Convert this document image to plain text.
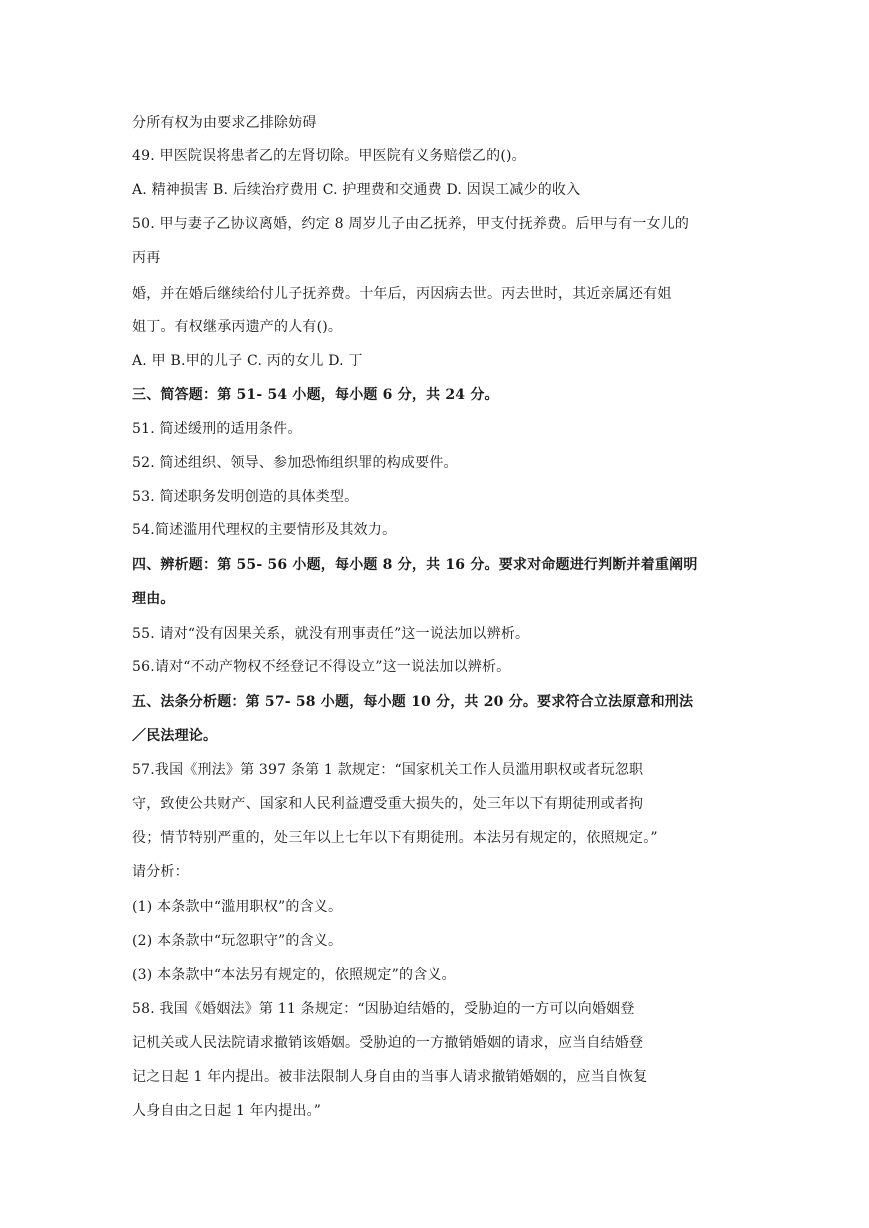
分所有权为由要求乙排除妨碍
49. 甲医院误将患者乙的左肾切除。甲医院有义务赔偿乙的()。
A. 精神损害 B. 后续治疗费用 C. 护理费和交通费 D. 因误工减少的收入
50. 甲与妻子乙协议离婚，约定 8 周岁儿子由乙抚养，甲支付抚养费。后甲与有一女儿的
丙再
婚，并在婚后继续给付儿子抚养费。十年后，丙因病去世。丙去世时，其近亲属还有姐
姐丁。有权继承丙遗产的人有()。
A. 甲 B.甲的儿子 C. 丙的女儿 D. 丁
三、简答题：第 51- 54 小题，每小题 6 分，共 24 分。
51. 简述缓刑的适用条件。
52. 简述组织、领导、参加恐怖组织罪的构成要件。
53. 简述职务发明创造的具体类型。
54.简述滥用代理权的主要情形及其效力。
四、辨析题：第 55- 56 小题，每小题 8 分，共 16 分。要求对命题进行判断并着重阐明
理由。
55. 请对“没有因果关系，就没有刑事责任”这一说法加以辨析。
56.请对“不动产物权不经登记不得设立”这一说法加以辨析。
五、法条分析题：第 57- 58 小题，每小题 10 分，共 20 分。要求符合立法原意和刑法
／民法理论。
57.我国《刑法》第 397 条第 1 款规定：“国家机关工作人员滥用职权或者玩忽职
守，致使公共财产、国家和人民利益遭受重大损失的，处三年以下有期徒刑或者拘
役；情节特别严重的，处三年以上七年以下有期徒刑。本法另有规定的，依照规定。”
请分析：
(1) 本条款中“滥用职权”的含义。
(2) 本条款中“玩忽职守”的含义。
(3) 本条款中“本法另有规定的，依照规定”的含义。
58. 我国《婚姻法》第 11 条规定：“因胁迫结婚的，受胁迫的一方可以向婚姻登
记机关或人民法院请求撤销该婚姻。受胁迫的一方撤销婚姻的请求，应当自结婚登
记之日起 1 年内提出。被非法限制人身自由的当事人请求撤销婚姻的，应当自恢复
人身自由之日起 1 年内提出。”
